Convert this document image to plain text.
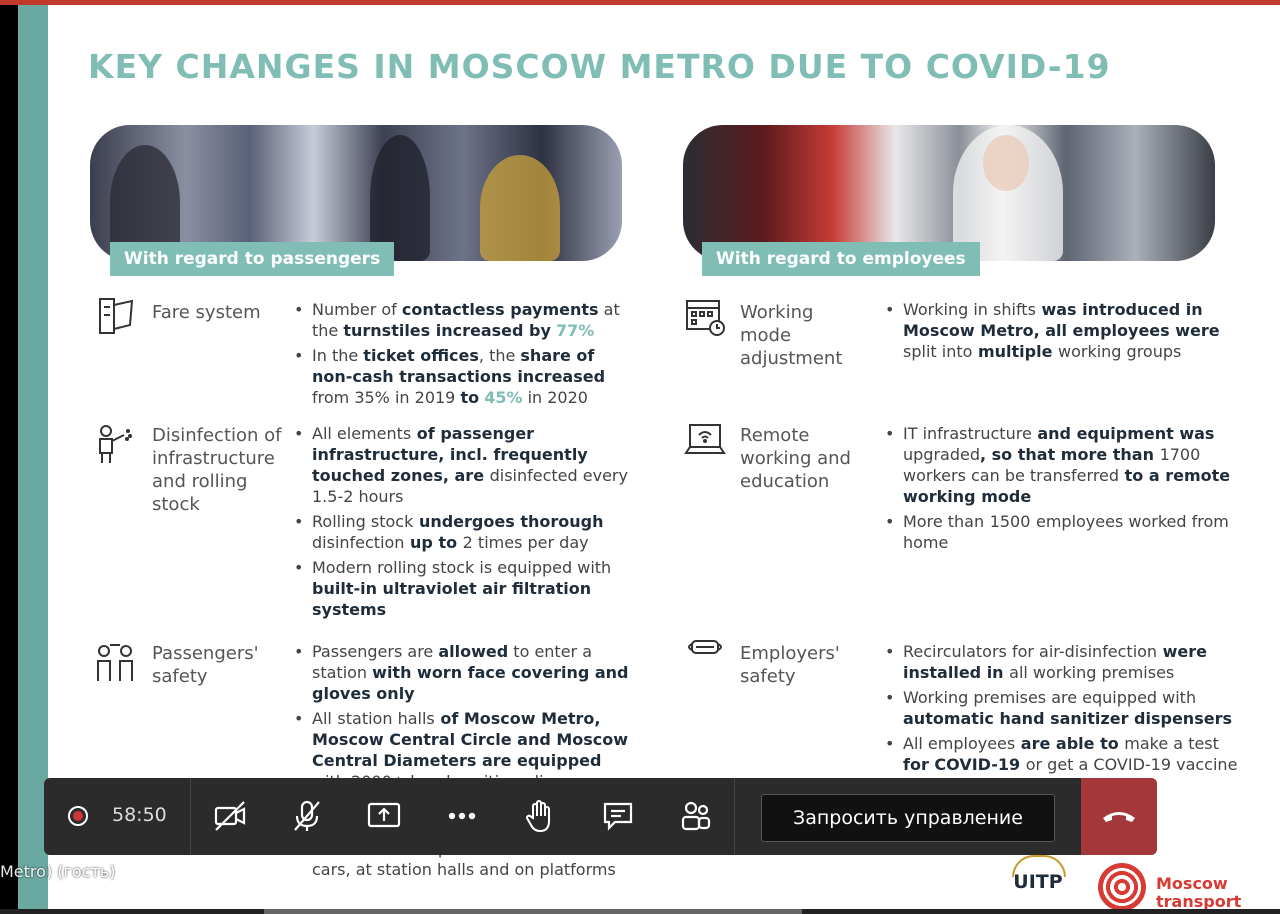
KEY CHANGES IN MOSCOW METRO DUE TO COVID-19
With regard to passengers	With regard to employees
Fare system
•	Number of contactless payments at the turnstiles increased by 77%
• In the ticket offices, the share of non-cash transactions increased from 35% in 2019 to 45% in 2020
Disinfection of infrastructure and rolling stock
• All elements of passenger infrastructure, incl. frequently touched zones, are disinfected every 1.5-2 hours
• Rolling stock undergoes thorough disinfection up to 2 times per day
• Modern rolling stock is equipped with built-in ultraviolet air filtration systems
Passengers' safety
• Passengers are allowed to enter a station with worn face covering and gloves only
• All station halls of Moscow Metro, Moscow Central Circle and Moscow Central Diameters are equipped
• cars, at station halls and on platforms
Working mode adjustment
• Working in shifts was introduced in Moscow Metro, all employees were split into multiple working groups
Remote working and education
• IT infrastructure and equipment was upgraded, so that more than 1700 workers can be transferred to a remote working mode
• More than 1500 employees worked from home
Employers' safety
• Recirculators for air-disinfection were installed in all working premises
• Working premises are equipped with automatic hand sanitizer dispensers
• All employees are able to make a test for COVID-19 or get a COVID-19 vaccine
UITP	Moscow transport
58:50	Запросить управление
Metro) (гость)
